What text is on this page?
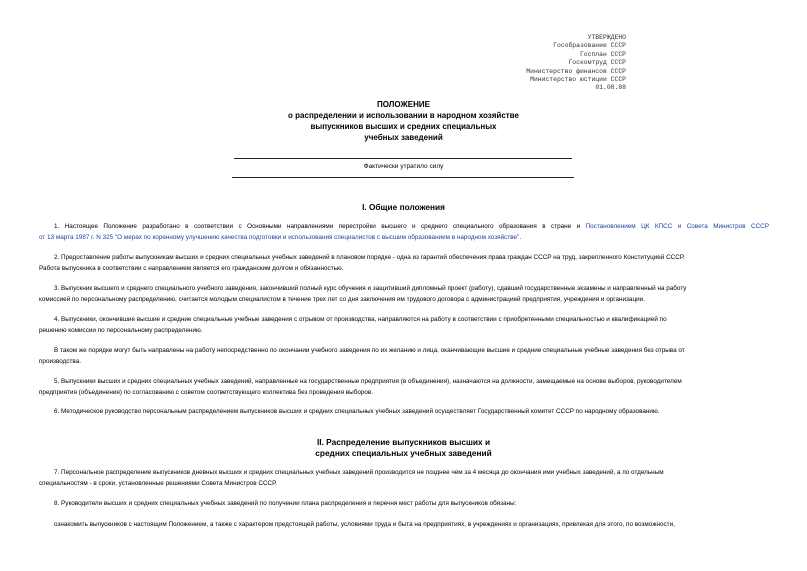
УТВЕРЖДЕНО
Гособразование СССР
Госплан СССР
Госкомтруд СССР
Министерство финансов СССР
Министерство юстиции СССР
01.08.88
ПОЛОЖЕНИЕ
о распределении и использовании в народном хозяйстве
выпускников высших и средних специальных
учебных заведений
Фактически утратило силу
I. Общие положения
1. Настоящее Положение разработано в соответствии с Основными направлениями перестройки высшего и среднего специального образования в стране и Постановлением ЦК КПСС и Совета Министров СССР
от 13 марта 1987 г. N 325 "О мерах по коренному улучшению качества подготовки и использования специалистов с высшим образованием в народном хозяйстве".
2. Предоставление работы выпускникам высших и средних специальных учебных заведений в плановом порядке - одна из гарантий обеспечения права граждан СССР на труд, закрепленного Конституцией СССР.
Работа выпускника в соответствии с направлением является его гражданским долгом и обязанностью.
3. Выпускник высшего и среднего специального учебного заведения, закончивший полный курс обучения и защитивший дипломный проект (работу), сдавший государственные экзамены и направленный на работу
комиссией по персональному распределению, считается молодым специалистом в течение трех лет со дня заключения им трудового договора с администрацией предприятия, учреждения и организации.
4. Выпускники, окончившие высшие и средние специальные учебные заведения с отрывом от производства, направляются на работу в соответствии с приобретенными специальностью и квалификацией по
решению комиссии по персональному распределению.
В таком же порядке могут быть направлены на работу непосредственно по окончании учебного заведения по их желанию и лица, оканчивающие высшие и средние специальные учебные заведения без отрыва от
производства.
5. Выпускники высших и средних специальных учебных заведений, направленные на государственные предприятия (в объединения), назначаются на должности, замещаемые на основе выборов, руководителем
предприятия (объединения) по согласованию с советом соответствующего коллектива без проведения выборов.
6. Методическое руководство персональным распределением выпускников высших и средних специальных учебных заведений осуществляет Государственный комитет СССР по народному образованию.
II. Распределение выпускников высших и
средних специальных учебных заведений
7. Персональное распределение выпускников дневных высших и средних специальных учебных заведений производится не позднее чем за 4 месяца до окончания ими учебных заведений, а по отдельным
специальностям - в сроки, установленные решениями Совета Министров СССР.
8. Руководители высших и средних специальных учебных заведений по получении плана распределения и перечня мест работы для выпускников обязаны:
ознакомить выпускников с настоящим Положением, а также с характером предстоящей работы, условиями труда и быта на предприятиях, в учреждениях и организациях, привлекая для этого, по возможности,
